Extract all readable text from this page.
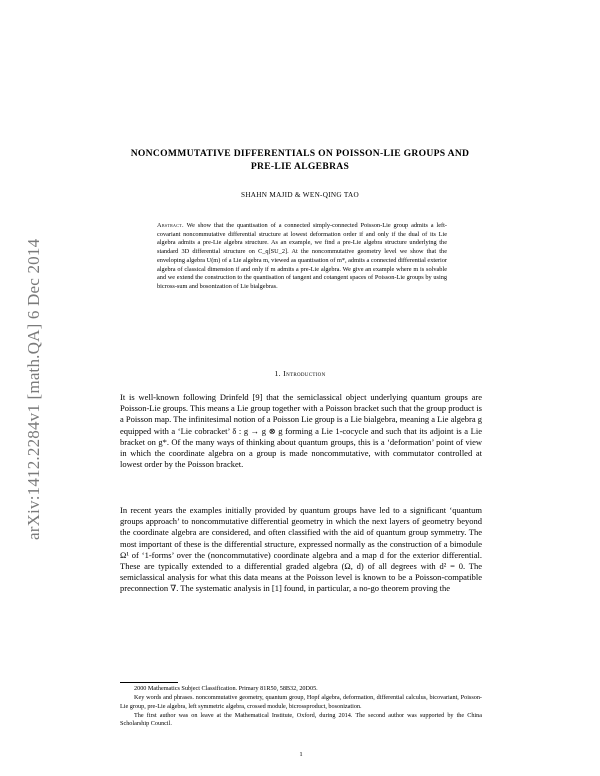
arXiv:1412.2284v1 [math.QA] 6 Dec 2014
NONCOMMUTATIVE DIFFERENTIALS ON POISSON-LIE GROUPS AND PRE-LIE ALGEBRAS
SHAHN MAJID & WEN-QING TAO
Abstract. We show that the quantisation of a connected simply-connected Poisson-Lie group admits a left-covariant noncommutative differential structure at lowest deformation order if and only if the dual of its Lie algebra admits a pre-Lie algebra structure. As an example, we find a pre-Lie algebra structure underlying the standard 3D differential structure on C_q[SU_2]. At the noncommutative geometry level we show that the enveloping algebra U(m) of a Lie algebra m, viewed as quantisation of m*, admits a connected differential exterior algebra of classical dimension if and only if m admits a pre-Lie algebra. We give an example where m is solvable and we extend the construction to the quantisation of tangent and cotangent spaces of Poisson-Lie groups by using bicross-sum and bosonization of Lie bialgebras.
1. Introduction
It is well-known following Drinfeld [9] that the semiclassical object underlying quantum groups are Poisson-Lie groups. This means a Lie group together with a Poisson bracket such that the group product is a Poisson map. The infinitesimal notion of a Poisson Lie group is a Lie bialgebra, meaning a Lie algebra g equipped with a ‘Lie cobracket’ δ : g → g ⊗ g forming a Lie 1-cocycle and such that its adjoint is a Lie bracket on g*. Of the many ways of thinking about quantum groups, this is a ‘deformation’ point of view in which the coordinate algebra on a group is made noncommutative, with commutator controlled at lowest order by the Poisson bracket.
In recent years the examples initially provided by quantum groups have led to a significant ‘quantum groups approach’ to noncommutative differential geometry in which the next layers of geometry beyond the coordinate algebra are considered, and often classified with the aid of quantum group symmetry. The most important of these is the differential structure, expressed normally as the construction of a bimodule Ω¹ of ‘1-forms’ over the (noncommutative) coordinate algebra and a map d for the exterior differential. These are typically extended to a differential graded algebra (Ω, d) of all degrees with d² = 0. The semiclassical analysis for what this data means at the Poisson level is known to be a Poisson-compatible preconnection ∇. The systematic analysis in [1] found, in particular, a no-go theorem proving the

2000 Mathematics Subject Classification. Primary 81R50, 58B32, 20D05.

Key words and phrases. noncommutative geometry, quantum group, Hopf algebra, deformation, differential calculus, bicovariant, Poisson-Lie group, pre-Lie algebra, left symmetric algebra, crossed module, bicrossproduct, bosonization.

The first author was on leave at the Mathematical Institute, Oxford, during 2014. The second author was supported by the China Scholarship Council.

1
